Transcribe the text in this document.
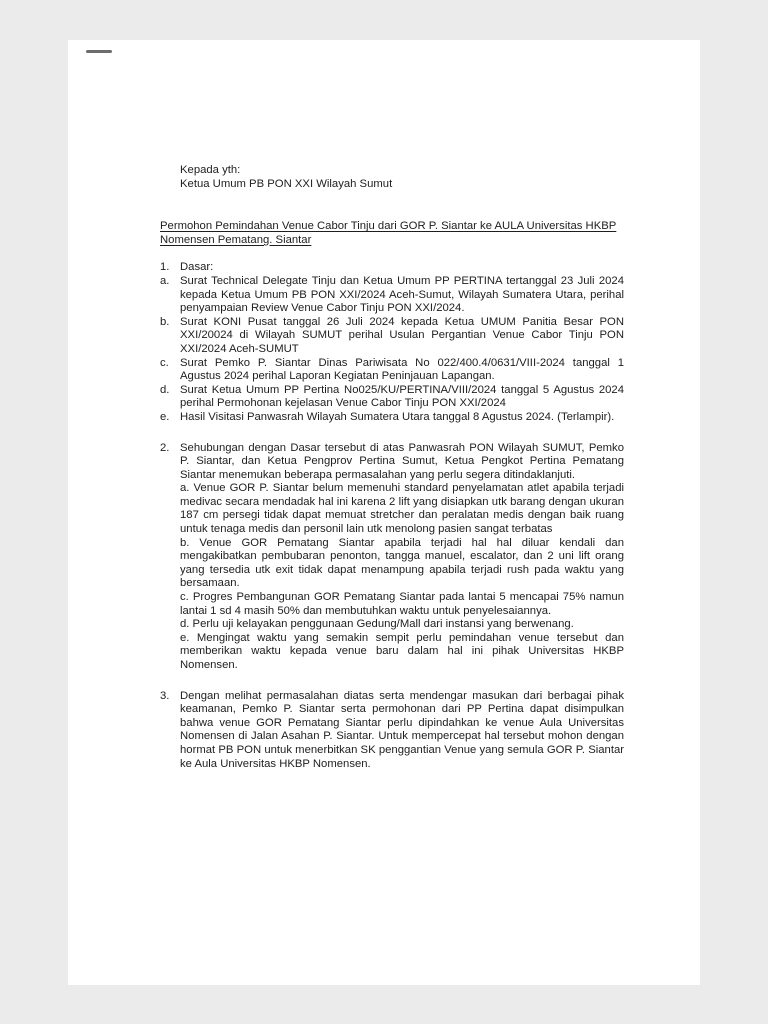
Kepada yth:
Ketua Umum PB PON XXI Wilayah Sumut
Permohon Pemindahan Venue Cabor Tinju dari GOR P. Siantar ke AULA Universitas HKBP
Nomensen Pematang. Siantar
1. Dasar:
a. Surat Technical Delegate Tinju dan Ketua Umum PP PERTINA tertanggal 23 Juli 2024 kepada Ketua Umum PB PON XXI/2024 Aceh-Sumut, Wilayah Sumatera Utara, perihal penyampaian Review Venue Cabor Tinju PON XXI/2024.
b. Surat KONI Pusat tanggal 26 Juli 2024 kepada Ketua UMUM Panitia Besar PON XXI/20024 di Wilayah SUMUT perihal Usulan Pergantian Venue Cabor Tinju PON XXI/2024 Aceh-SUMUT
c. Surat Pemko P. Siantar Dinas Pariwisata No 022/400.4/0631/VIII-2024 tanggal 1 Agustus 2024 perihal Laporan Kegiatan Peninjauan Lapangan.
d. Surat Ketua Umum PP Pertina No025/KU/PERTINA/VIII/2024 tanggal 5 Agustus 2024 perihal Permohonan kejelasan Venue Cabor Tinju PON XXI/2024
e. Hasil Visitasi Panwasrah Wilayah Sumatera Utara tanggal 8 Agustus 2024. (Terlampir).
2. Sehubungan dengan Dasar tersebut di atas Panwasrah PON Wilayah SUMUT, Pemko P. Siantar, dan Ketua Pengprov Pertina Sumut, Ketua Pengkot Pertina Pematang Siantar menemukan beberapa permasalahan yang perlu segera ditindaklanjuti.

a. Venue GOR P. Siantar belum memenuhi standard penyelamatan atlet apabila terjadi medivac secara mendadak hal ini karena 2 lift yang disiapkan utk barang dengan ukuran 187 cm persegi tidak dapat memuat stretcher dan peralatan medis dengan baik ruang untuk tenaga medis dan personil lain utk menolong pasien sangat terbatas

b. Venue GOR Pematang Siantar apabila terjadi hal hal diluar kendali dan mengakibatkan pembubaran penonton, tangga manuel, escalator, dan 2 uni lift orang yang tersedia utk exit tidak dapat menampung apabila terjadi rush pada waktu yang bersamaan.

c. Progres Pembangunan GOR Pematang Siantar pada lantai 5 mencapai 75% namun lantai 1 sd 4 masih 50% dan membutuhkan waktu untuk penyelesaiannya.

d. Perlu uji kelayakan penggunaan Gedung/Mall dari instansi yang berwenang.

e. Mengingat waktu yang semakin sempit perlu pemindahan venue tersebut dan memberikan waktu kepada venue baru dalam hal ini pihak Universitas HKBP Nomensen.

3. Dengan melihat permasalahan diatas serta mendengar masukan dari berbagai pihak keamanan, Pemko P. Siantar serta permohonan dari PP Pertina dapat disimpulkan bahwa venue GOR Pematang Siantar perlu dipindahkan ke venue Aula Universitas Nomensen di Jalan Asahan P. Siantar. Untuk mempercepat hal tersebut mohon dengan hormat PB PON untuk menerbitkan SK penggantian Venue yang semula GOR P. Siantar ke Aula Universitas HKBP Nomensen.
